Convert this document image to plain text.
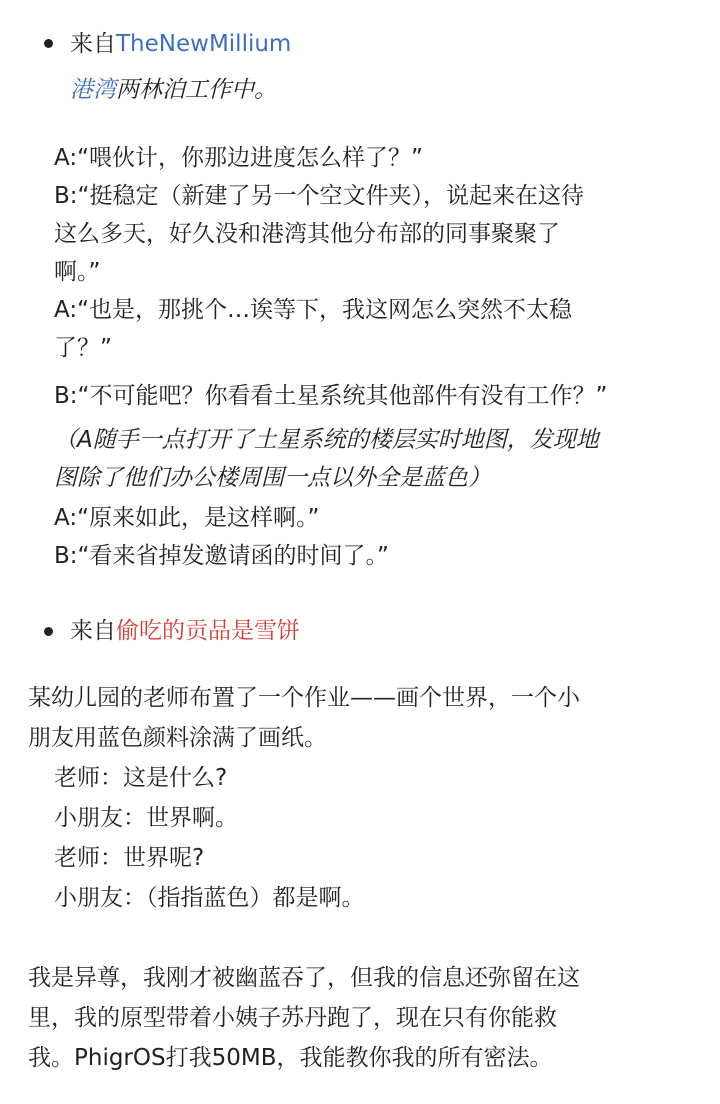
来自TheNewMillium
港湾两林泊工作中。
A:“喂伙计，你那边进度怎么样了？”
B:“挺稳定（新建了另一个空文件夹），说起来在这待
这么多天，好久没和港湾其他分布部的同事聚聚了
啊。”
A:“也是，那挑个…诶等下，我这网怎么突然不太稳
了？”
B:“不可能吧？你看看土星系统其他部件有没有工作？”
（A随手一点打开了土星系统的楼层实时地图，发现地
图除了他们办公楼周围一点以外全是蓝色）
A:“原来如此，是这样啊。”
B:“看来省掉发邀请函的时间了。”
来自偷吃的贡品是雪饼
某幼儿园的老师布置了一个作业——画个世界，一个小
朋友用蓝色颜料涂满了画纸。
老师：这是什么?
小朋友：世界啊。
老师：世界呢?
小朋友：（指指蓝色）都是啊。
我是异尊，我刚才被幽蓝吞了，但我的信息还弥留在这
里，我的原型带着小姨子苏丹跑了，现在只有你能救
我。PhigrOS打我50MB，我能教你我的所有密法。
